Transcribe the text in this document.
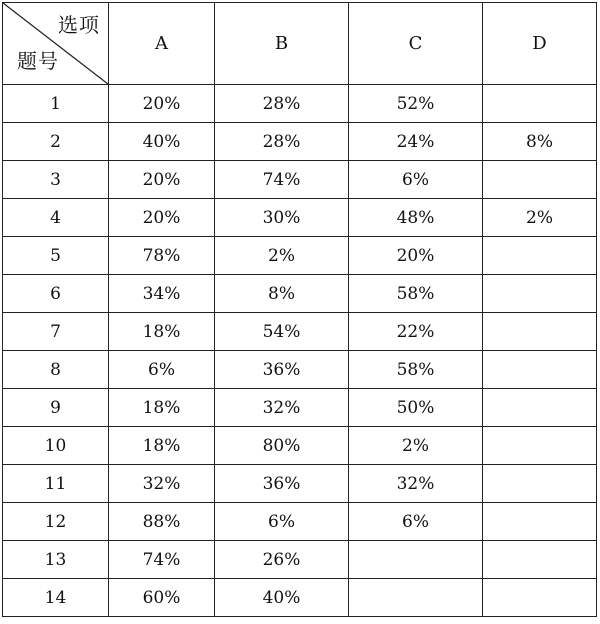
选项
题号	A	B	C	D
1	20%	28%	52%	
2	40%	28%	24%	8%
3	20%	74%	6%	
4	20%	30%	48%	2%
5	78%	2%	20%	
6	34%	8%	58%	
7	18%	54%	22%	
8	6%	36%	58%	
9	18%	32%	50%	
10	18%	80%	2%	
11	32%	36%	32%	
12	88%	6%	6%	
13	74%	26%		
14	60%	40%		
